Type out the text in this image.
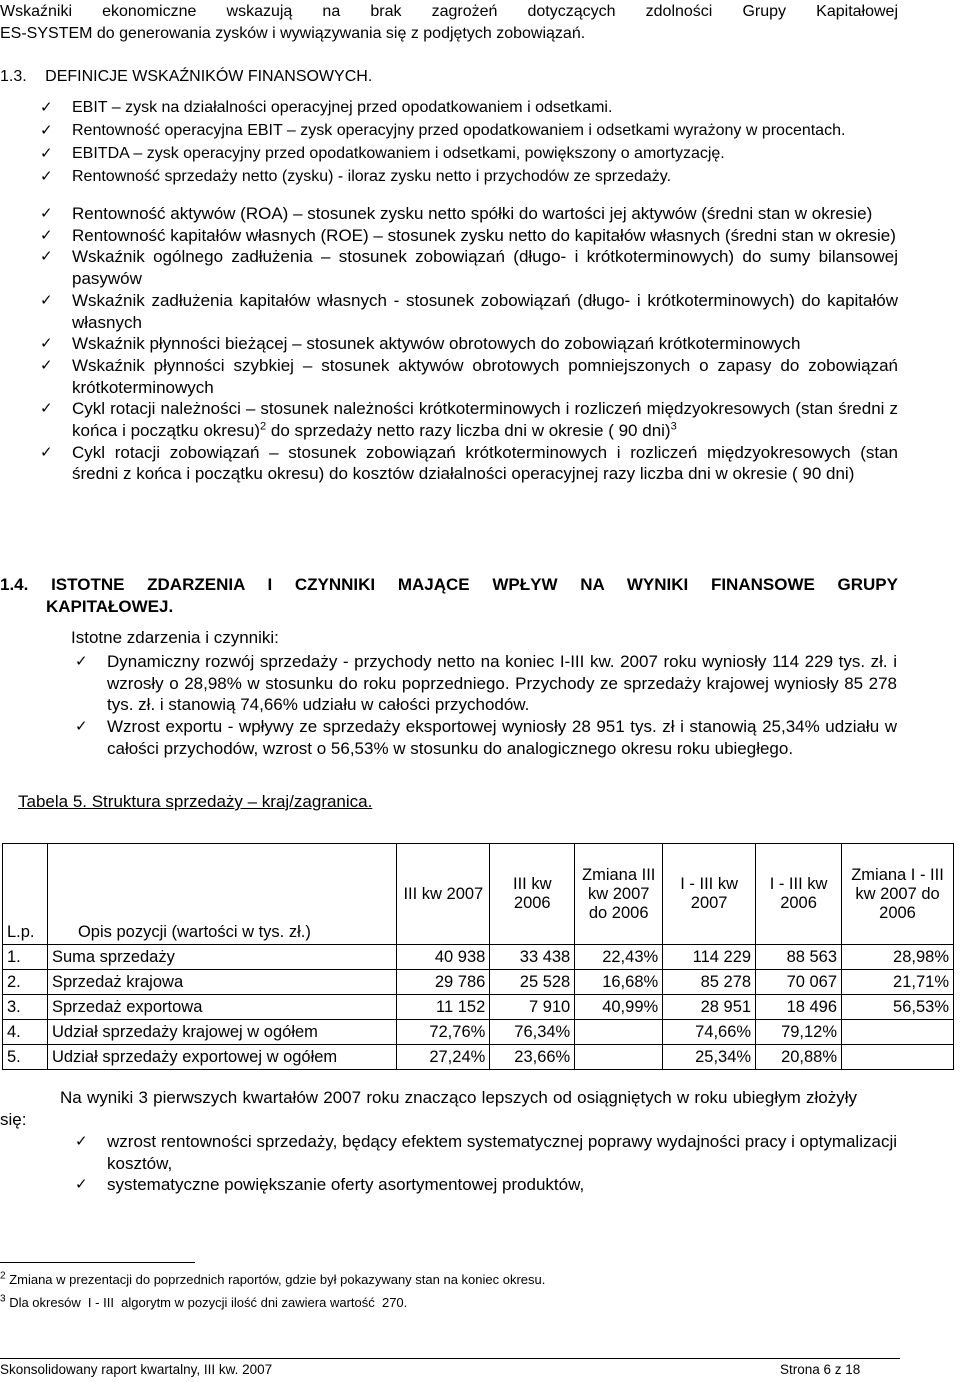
Wskaźniki ekonomiczne wskazują na brak zagrożeń dotyczących zdolności Grupy Kapitałowej
ES-SYSTEM do generowania zysków i wywiązywania się z podjętych zobowiązań.
1.3. DEFINICJE WSKAŹNIKÓW FINANSOWYCH.
✓ EBIT – zysk na działalności operacyjnej przed opodatkowaniem i odsetkami.
✓ Rentowność operacyjna EBIT – zysk operacyjny przed opodatkowaniem i odsetkami wyrażony w procentach.
✓ EBITDA – zysk operacyjny przed opodatkowaniem i odsetkami, powiększony o amortyzację.
✓ Rentowność sprzedaży netto (zysku) - iloraz zysku netto i przychodów ze sprzedaży.
✓ Rentowność aktywów (ROA) – stosunek zysku netto spółki do wartości jej aktywów (średni stan w okresie)
✓ Rentowność kapitałów własnych (ROE) – stosunek zysku netto do kapitałów własnych (średni stan w okresie)
✓ Wskaźnik ogólnego zadłużenia – stosunek zobowiązań (długo- i krótkoterminowych) do sumy bilansowej pasywów
✓ Wskaźnik zadłużenia kapitałów własnych - stosunek zobowiązań (długo- i krótkoterminowych) do kapitałów własnych
✓ Wskaźnik płynności bieżącej – stosunek aktywów obrotowych do zobowiązań krótkoterminowych
✓ Wskaźnik płynności szybkiej – stosunek aktywów obrotowych pomniejszonych o zapasy do zobowiązań krótkoterminowych
✓ Cykl rotacji należności – stosunek należności krótkoterminowych i rozliczeń międzyokresowych (stan średni z końca i początku okresu)$^2$ do sprzedaży netto razy liczba dni w okresie ( 90 dni)$^3$
✓ Cykl rotacji zobowiązań – stosunek zobowiązań krótkoterminowych i rozliczeń międzyokresowych (stan średni z końca i początku okresu) do kosztów działalności operacyjnej razy liczba dni w okresie ( 90 dni)
1.4. ISTOTNE ZDARZENIA I CZYNNIKI MAJĄCE WPŁYW NA WYNIKI FINANSOWE GRUPY
KAPITAŁOWEJ.
Istotne zdarzenia i czynniki:
✓ Dynamiczny rozwój sprzedaży - przychody netto na koniec I-III kw. 2007 roku wyniosły 114 229 tys. zł. i wzrosły o 28,98% w stosunku do roku poprzedniego. Przychody ze sprzedaży krajowej wyniosły 85 278 tys. zł. i stanowią 74,66% udziału w całości przychodów.
✓ Wzrost exportu - wpływy ze sprzedaży eksportowej wyniosły 28 951 tys. zł i stanowią 25,34% udziału w całości przychodów, wzrost o 56,53% w stosunku do analogicznego okresu roku ubiegłego.
Tabela 5. Struktura sprzedaży – kraj/zagranica.
L.p.	Opis pozycji (wartości w tys. zł.)	III kw 2007	III kw 2006	Zmiana III kw 2007 do 2006	I - III kw 2007	I - III kw 2006	Zmiana I - III kw 2007 do 2006
1.	Suma sprzedaży	40 938	33 438	22,43%	114 229	88 563	28,98%
2.	Sprzedaż krajowa	29 786	25 528	16,68%	85 278	70 067	21,71%
3.	Sprzedaż exportowa	11 152	7 910	40,99%	28 951	18 496	56,53%
4.	Udział sprzedaży krajowej w ogółem	72,76%	76,34%		74,66%	79,12%	
5.	Udział sprzedaży exportowej w ogółem	27,24%	23,66%		25,34%	20,88%	
Na wyniki 3 pierwszych kwartałów 2007 roku znacząco lepszych od osiągniętych w roku ubiegłym złożyły się:
✓ wzrost rentowności sprzedaży, będący efektem systematycznej poprawy wydajności pracy i optymalizacji kosztów,
✓ systematyczne powiększanie oferty asortymentowej produktów,
$^2$ Zmiana w prezentacji do poprzednich raportów, gdzie był pokazywany stan na koniec okresu.
$^3$ Dla okresów  I - III  algorytm w pozycji ilość dni zawiera wartość  270.
Skonsolidowany raport kwartalny, III kw. 2007	Strona 6 z 18
